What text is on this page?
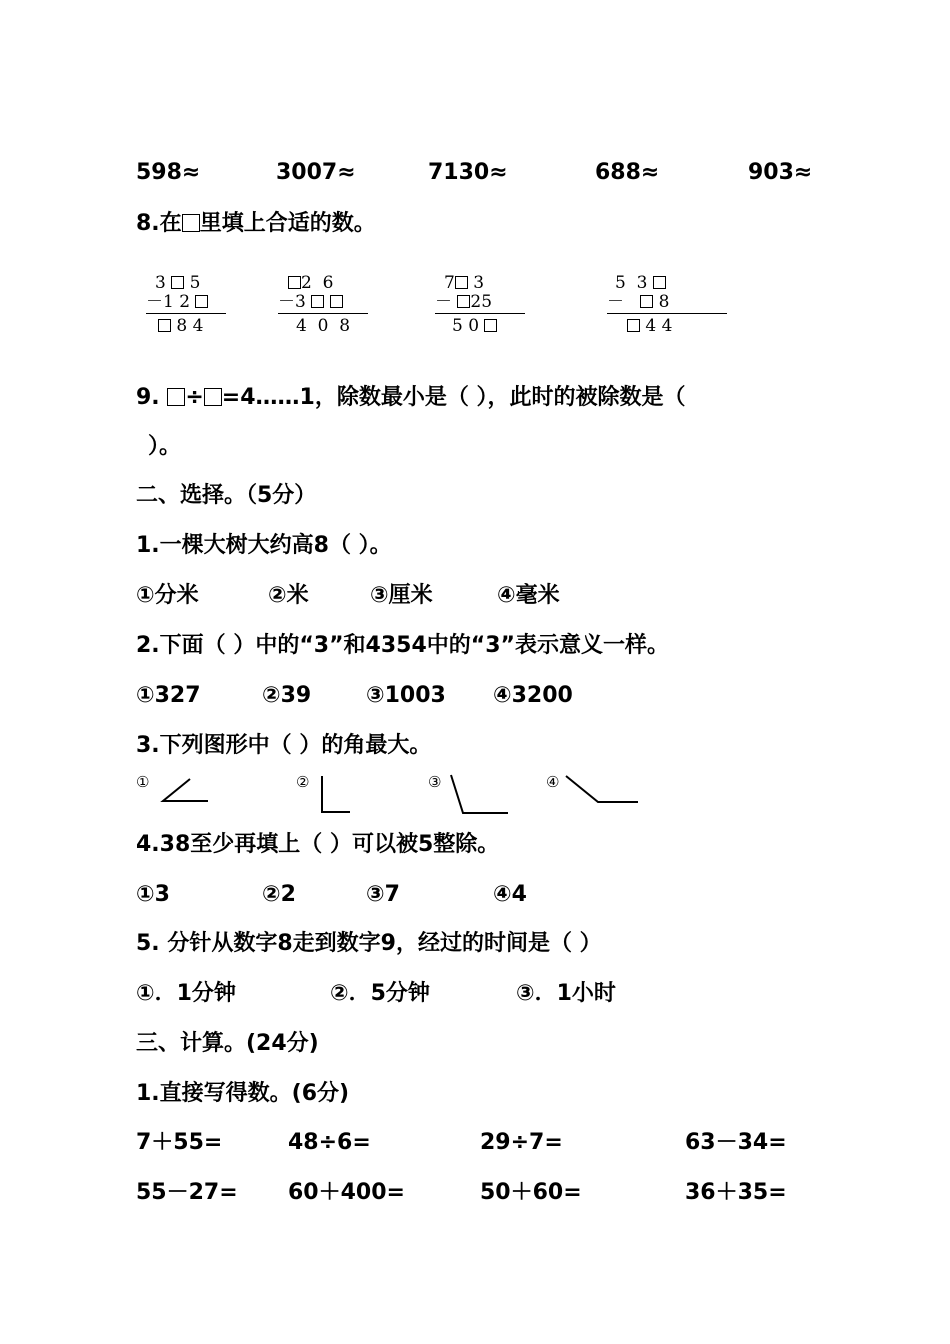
598≈	3007≈	7130≈	688≈	903≈
8.在 里填上合适的数。
3 5
－1 2
8 4
2 6
－3
4 0 8
7 3
－ 25
5 0
5 3
－ 8
4 4
9. ÷ =4……1，除数最小是（ ），此时的被除数是（
）。
二、选择。（5分）
1.一棵大树大约高8（ ）。
①分米	②米	③厘米	④毫米
2.下面（ ）中的“3”和4354中的“3”表示意义一样。
①327	②39 ③1003 ④3200
3.下列图形中（ ）的角最大。
①	②	③	④
4.38至少再填上（ ）可以被5整除。
①3	②2	③7	④4
5. 分针从数字8走到数字9，经过的时间是（ ）
①．1分钟	②．5分钟	③．1小时
三、计算。(24分)
1.直接写得数。(6分)
7＋55=	48÷6=	29÷7=	63－34=
55－27= 60＋400=	50＋60=	36＋35=
